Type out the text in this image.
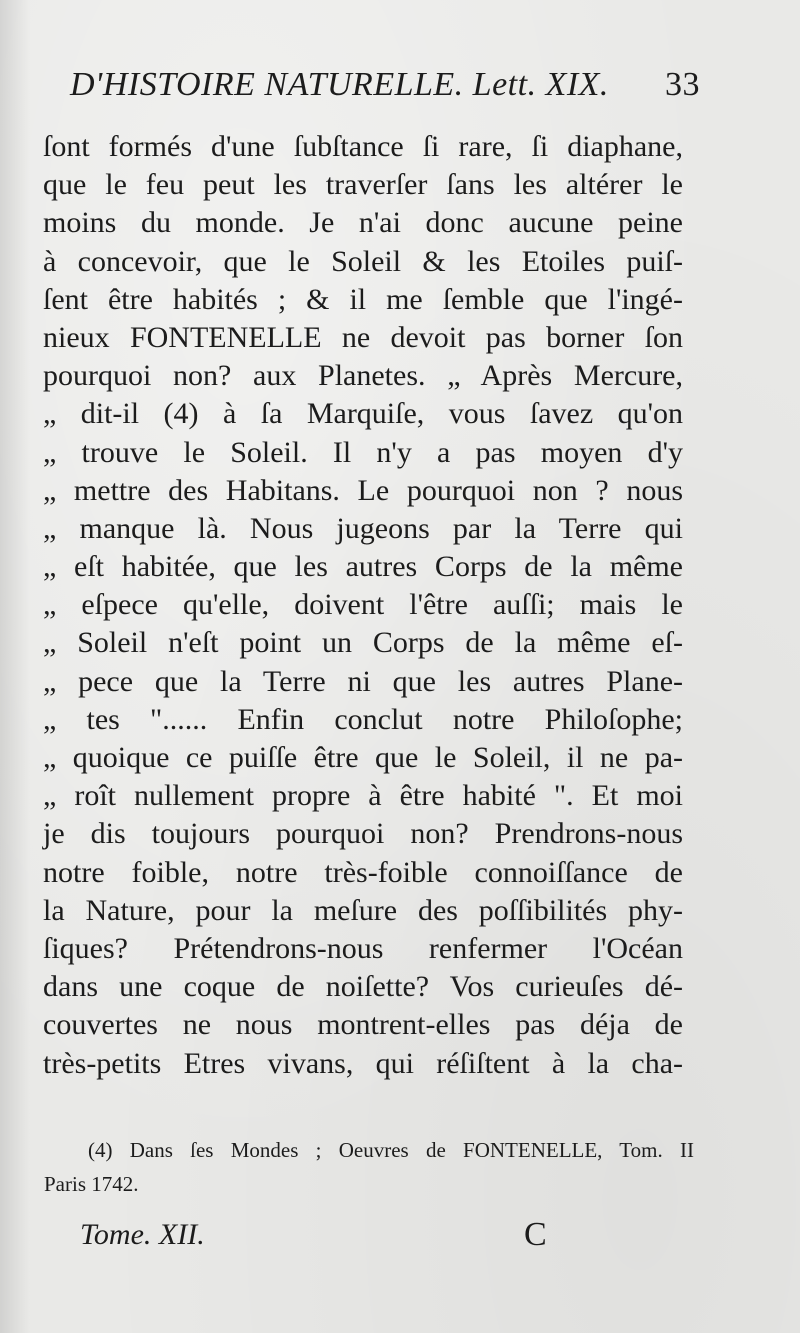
D'HISTOIRE NATURELLE. Lett. XIX. 33
ſont formés d'une ſubſtance ſi rare, ſi diaphane,
que le feu peut les traverſer ſans les altérer le
moins du monde. Je n'ai donc aucune peine
à concevoir, que le Soleil & les Etoiles puiſ-
ſent être habités ; & il me ſemble que l'ingé-
nieux FONTENELLE ne devoit pas borner ſon
pourquoi non? aux Planetes. „ Après Mercure,
„ dit-il (4) à ſa Marquiſe, vous ſavez qu'on
„ trouve le Soleil. Il n'y a pas moyen d'y
„ mettre des Habitans. Le pourquoi non ? nous
„ manque là. Nous jugeons par la Terre qui
„ eſt habitée, que les autres Corps de la même
„ eſpece qu'elle, doivent l'être auſſi; mais le
„ Soleil n'eſt point un Corps de la même eſ-
„ pece que la Terre ni que les autres Plane-
„ tes "...... Enfin conclut notre Philoſophe;
„ quoique ce puiſſe être que le Soleil, il ne pa-
„ roît nullement propre à être habité ". Et moi
je dis toujours pourquoi non? Prendrons-nous
notre foible, notre très-foible connoiſſance de
la Nature, pour la meſure des poſſibilités phy-
ſiques? Prétendrons-nous renfermer l'Océan
dans une coque de noiſette? Vos curieuſes dé-
couvertes ne nous montrent-elles pas déja de
très-petits Etres vivans, qui réſiſtent à la cha-
(4) Dans ſes Mondes ; Oeuvres de FONTENELLE, Tom. II
Paris 1742.
Tome. XII.	C
